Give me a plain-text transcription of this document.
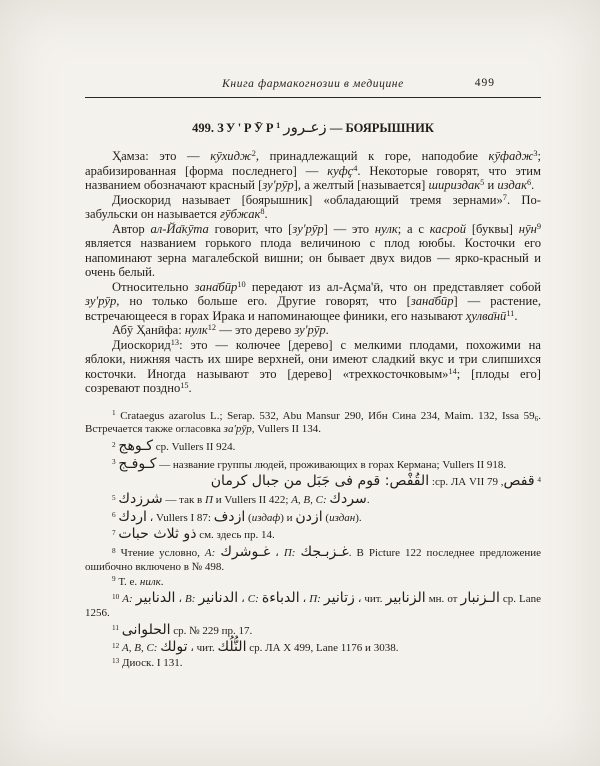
Книга фармакогнозии в медицине	499
499. ЗУ'РӮР$^1$ زعـرور — БОЯРЫШНИК

Ҳамза: это — кӯхидж$^2$, принадлежащий к горе, наподобие кӯфадж$^3$; арабизированная [форма последнего] — куфҫ$^4$. Некоторые говорят, что этим названием обозначают красный [зу'рӯр], а желтый [называется] шириздак$^5$ и издак$^6$.

Диоскорид называет [боярышник] «обладающий тремя зернами»$^7$. По-забульски он называется ғӯбжак$^8$.

Автор ал-Йа̄кӯта говорит, что [зу'рӯр] — это нулк; а с касрой [буквы] нӯн$^9$ является названием горького плода величиною с плод ююбы. Косточки его напоминают зерна магалебской вишни; он бывает двух видов — ярко-красный и очень белый.

Относительно зана̄бӣр$^{10}$ передают из ал-Аҫма'ӣ, что он представляет собой зу'рӯр, но только больше его. Другие говорят, что [зана̄бӣр] — растение, встречающееся в горах Ирака и напоминающее финики, его называют $ҳулва̄нӣ^{11}$.

Абӯ Ҳанӣфа: нулк$^{12}$ — это дерево зу'рӯр.

Диоскорид$^{13}$: это — колючее [дерево] с мелкими плодами, похожими на яблоки, нижняя часть их шире верхней, они имеют сладкий вкус и три слипшихся косточки. Иногда называют это [дерево] «трехкосточковым»$^{14}$; [плоды его] созревают поздно$^{15}$.

$^1$ Crataegus azarolus L.; Serap. 532, Abu Mansur 290, Ибн Сина 234, Maim. 132, Issa 596. Встречается также огласовка за'рӯр, Vullers II 134.
$^2$ كـوهج ср. Vullers II 924.
$^3$ كـوفـج — название группы людей, проживающих в горах Кермана; Vullers II 918.
$^4$ قفص, ср. ЛА VII 79: القُفْص: قوم فى جَبَل من جبال كرمان
$^5$ شرزدك — так в П и Vullers II 422; А, В, С: سردك.
$^6$ اردك ، Vullers I 87: ازدف (издаф) и ازدن (издан).
$^7$ ذو ثلاث حبات см. здесь пр. 14.
$^8$ Чтение условно, А: غـوشرك ، П: غـزبـجك. В Picture 122 последнее предложение ошибочно включено в № 498.
$^9$ Т. е. нилк.
$^{10}$ А: الدنابير ، В: الدنانير ، С: الدباءة ، П: زتانير ، чит. الزنابير мн. от الـزنبار ср. Lane 1256.
$^{11}$ الحلوانى ср. № 229 пр. 17.
$^{12}$ А, В, С: تولك ، чит. النُّلُك ср. ЛА X 499, Lane 1176 и 3038.
$^{13}$ Диоск. I 131.
